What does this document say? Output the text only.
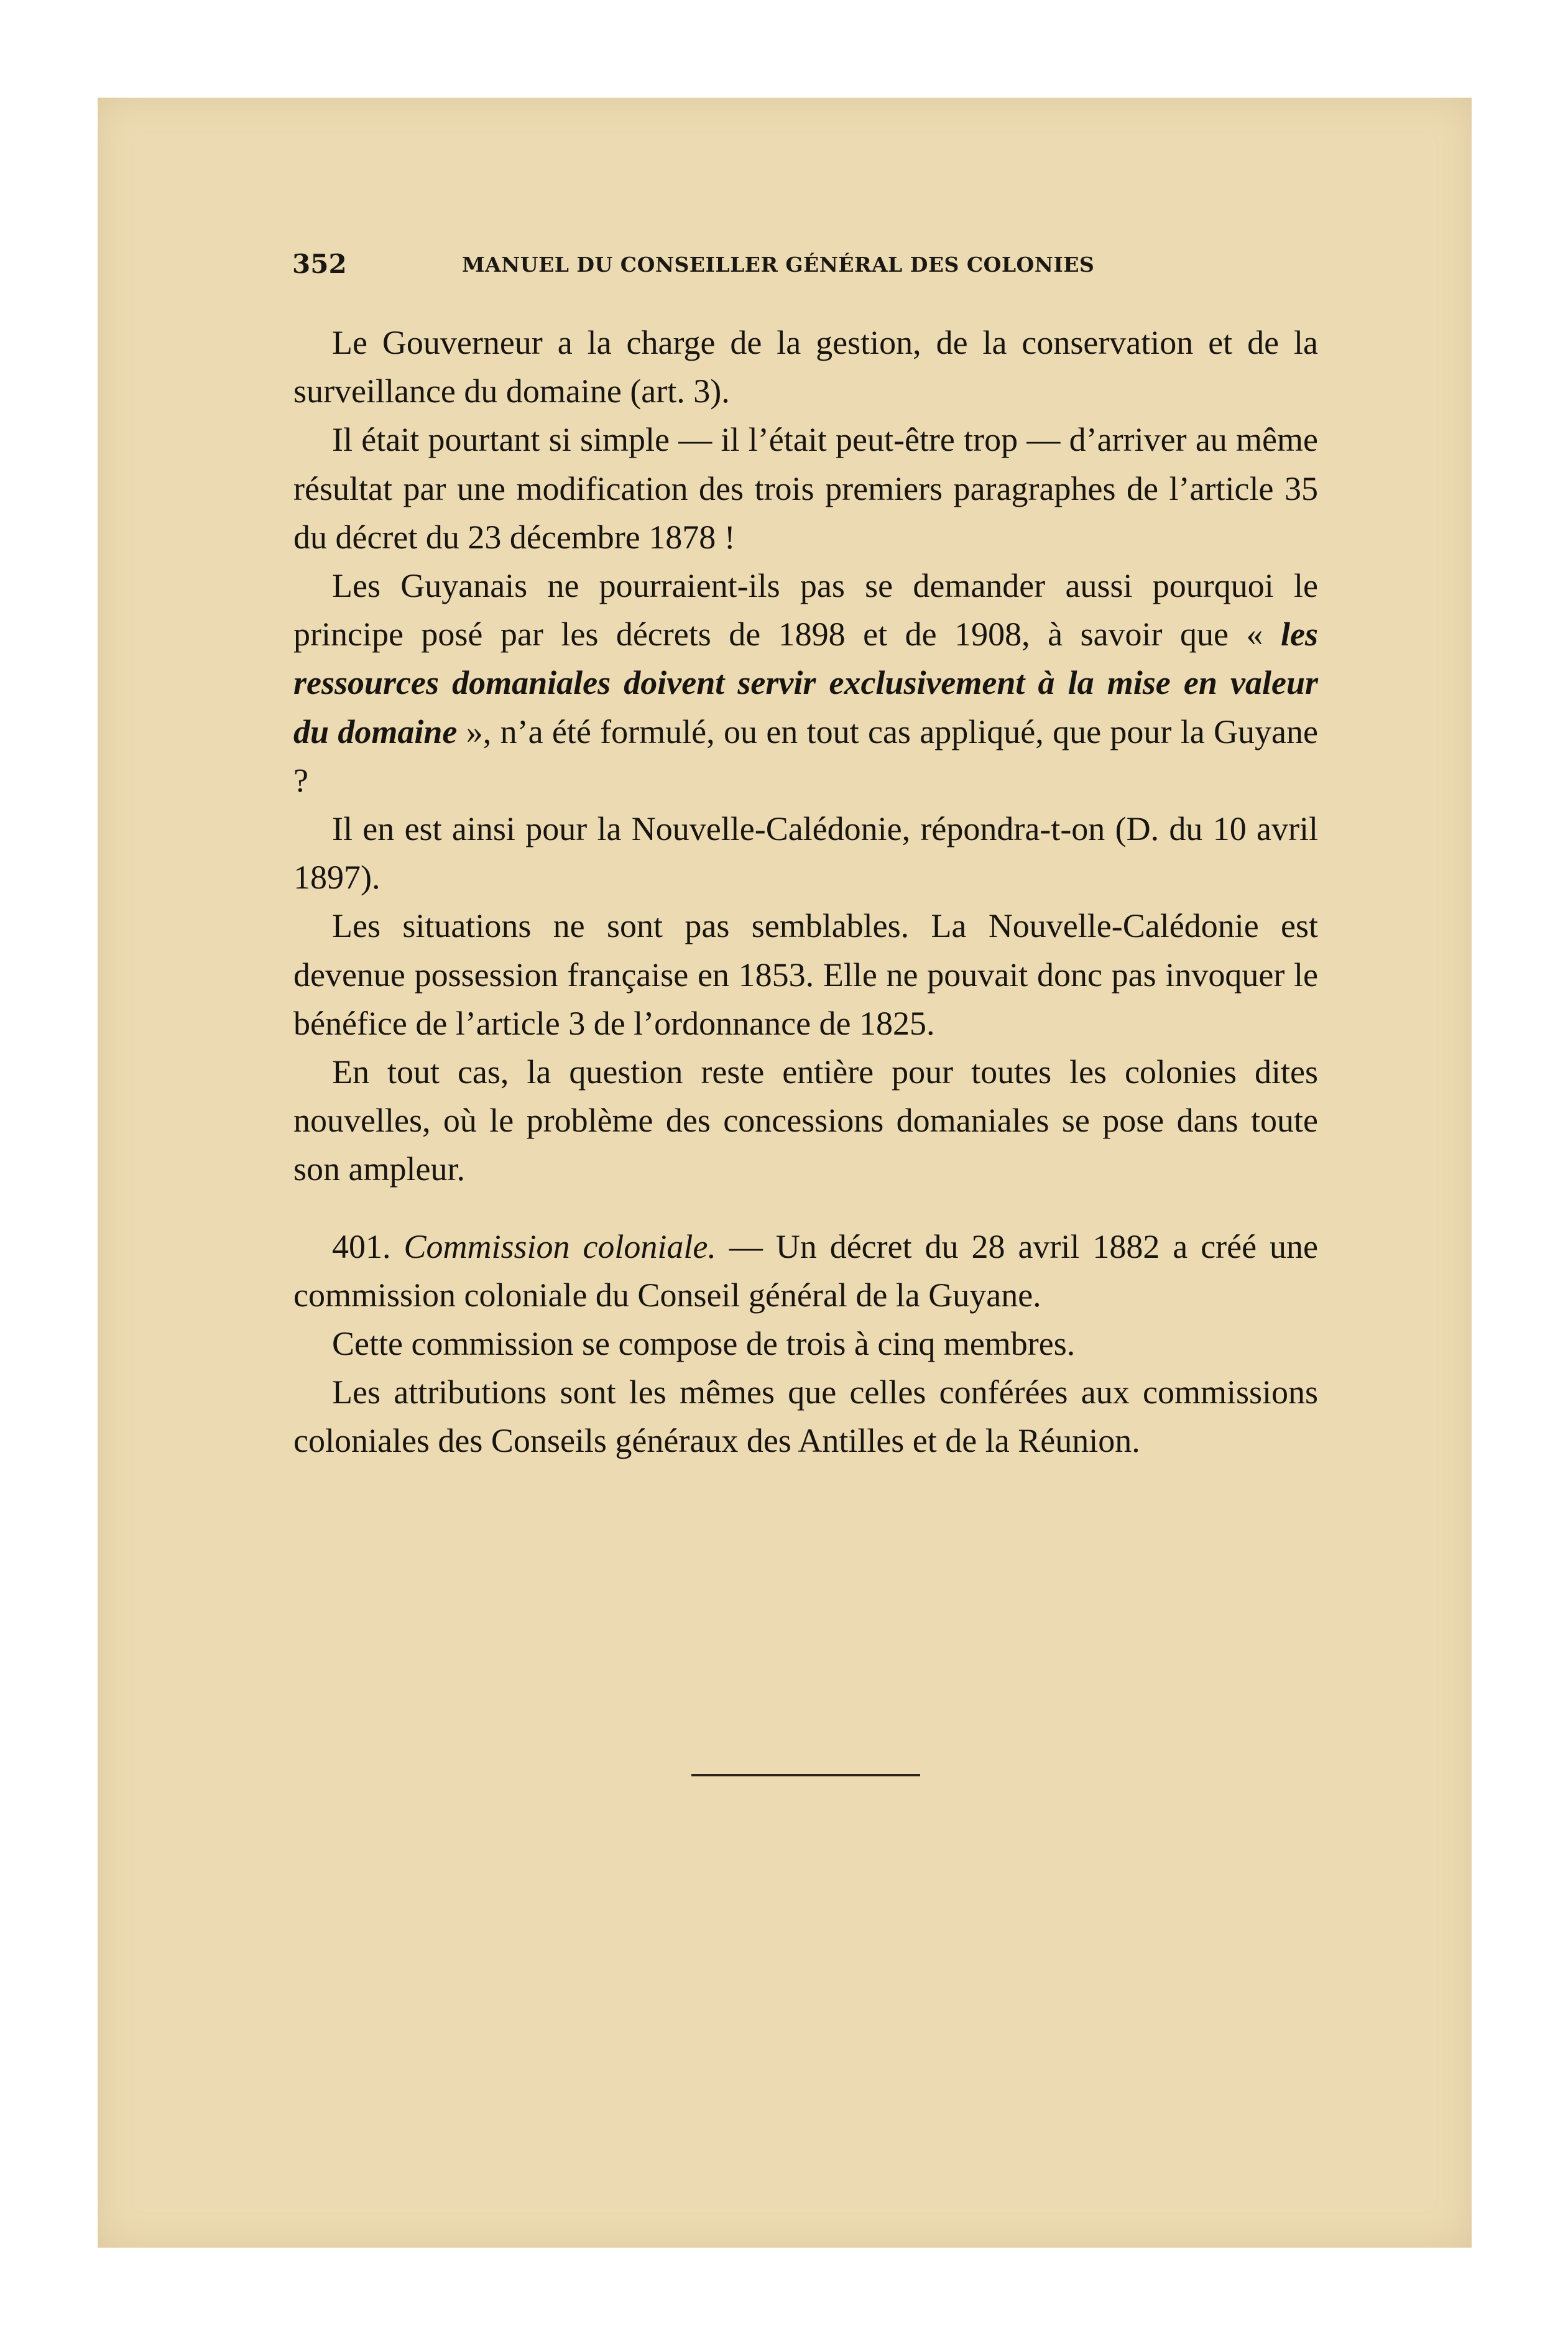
352	MANUEL DU CONSEILLER GÉNÉRAL DES COLONIES

Le Gouverneur a la charge de la gestion, de la conservation et de la surveillance du domaine (art. 3).

Il était pourtant si simple — il l’était peut-être trop — d’arriver au même résultat par une modification des trois premiers paragraphes de l’article 35 du décret du 23 décembre 1878 !

Les Guyanais ne pourraient-ils pas se demander aussi pourquoi le principe posé par les décrets de 1898 et de 1908, à savoir que « les ressources domaniales doivent servir exclusivement à la mise en valeur du domaine », n’a été formulé, ou en tout cas appliqué, que pour la Guyane ?

Il en est ainsi pour la Nouvelle-Calédonie, répondra-t-on (D. du 10 avril 1897).

Les situations ne sont pas semblables. La Nouvelle-Calédonie est devenue possession française en 1853. Elle ne pouvait donc pas invoquer le bénéfice de l’article 3 de l’ordonnance de 1825.

En tout cas, la question reste entière pour toutes les colonies dites nouvelles, où le problème des concessions domaniales se pose dans toute son ampleur.

401. Commission coloniale. — Un décret du 28 avril 1882 a créé une commission coloniale du Conseil général de la Guyane.

Cette commission se compose de trois à cinq membres.

Les attributions sont les mêmes que celles conférées aux commissions coloniales des Conseils généraux des Antilles et de la Réunion.
